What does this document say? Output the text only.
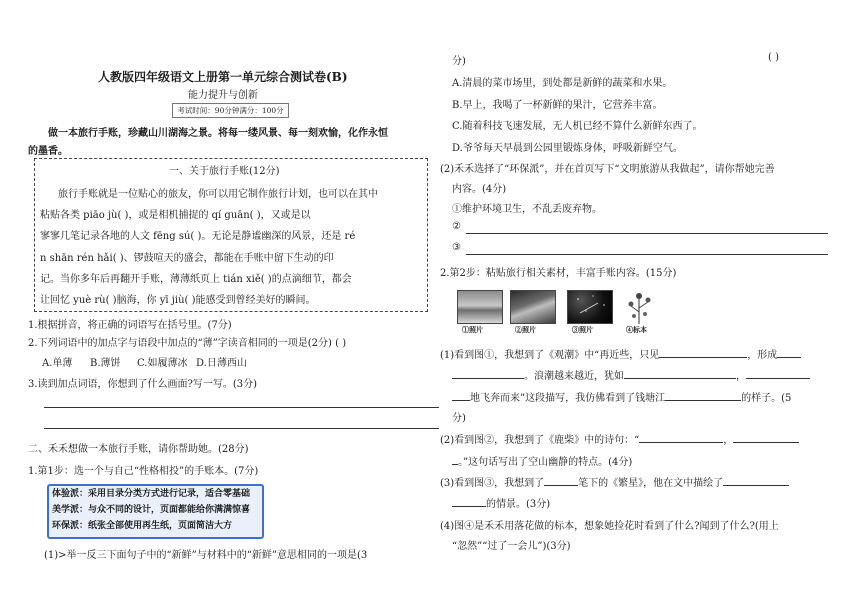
人教版四年级语文上册第一单元综合测试卷(B)
能力提升与创新
考试时间：90分钟满分：100分
做一本旅行手账，珍藏山川湖海之景。将每一缕风景、每一刻欢愉，化作永恒
的墨香。
一、关于旅行手账(12分)
旅行手账就是一位贴心的旅友，你可以用它制作旅行计划，也可以在其中
粘贴各类 piāo jù( )，或是相机捕捉的 qí guān( )，又或是以
寥寥几笔记录各地的人文 fēng sú( )。无论是静谧幽深的风景，还是 ré
n shān rén hǎi( )、锣鼓喧天的盛会，都能在手账中留下生动的印
记。当你多年后再翻开手账，薄薄纸页上 tián xiě( )的点滴细节，都会
让回忆 yuè rù( )脑海，你 yī jiù( )能感受到曾经美好的瞬间。
1.根据拼音，将正确的词语写在括号里。(7分)
2.下列词语中的加点字与语段中加点的“薄”字读音相同的一项是(2分) ( )
A.单薄 B.薄饼 C.如履薄冰 D.日薄西山
3.读到加点词语，你想到了什么画面?写一写。(3分)
二、禾禾想做一本旅行手账，请你帮助她。(28分)
1.第1步：选一个与自己“性格相投”的手账本。(7分)
体验派：采用目录分类方式进行记录，适合零基础
美学派：与众不同的设计，页面都能给你满满惊喜
环保派：纸张全部使用再生纸，页面简洁大方
(1)>举一反三下面句子中的“新鲜”与材料中的“新鲜”意思相同的一项是(3
分)	( )
A.清晨的菜市场里，到处都是新鲜的蔬菜和水果。
B.早上，我喝了一杯新鲜的果汁，它营养丰富。
C.随着科技飞速发展，无人机已经不算什么新鲜东西了。
D.爷爷每天早晨到公园里锻炼身体，呼吸新鲜空气。
(2)禾禾选择了“环保派”，并在首页写下“文明旅游从我做起”，请你帮她完善
内容。(4分)
①维护环境卫生，不乱丢废弃物。
②
③
2.第2步：粘贴旅行相关素材，丰富手账内容。(15分)
①照片	②照片	③照片	④标本
(1)看到图①，我想到了《观潮》中“再近些，只见	，形成
。浪潮越来越近，犹如	，
地飞奔而来”这段描写，我仿佛看到了钱塘江	的样子。(5
分)
(2)看到图②，我想到了《鹿柴》中的诗句：“	，
。”这句话写出了空山幽静的特点。(4分)
(3)看到图③，我想到了	笔下的《繁星》，他在文中描绘了
的情景。(3分)
(4)图④是禾禾用落花做的标本，想象她捡花时看到了什么?闻到了什么?(用上
“忽然”“过了一会儿”)(3分)
